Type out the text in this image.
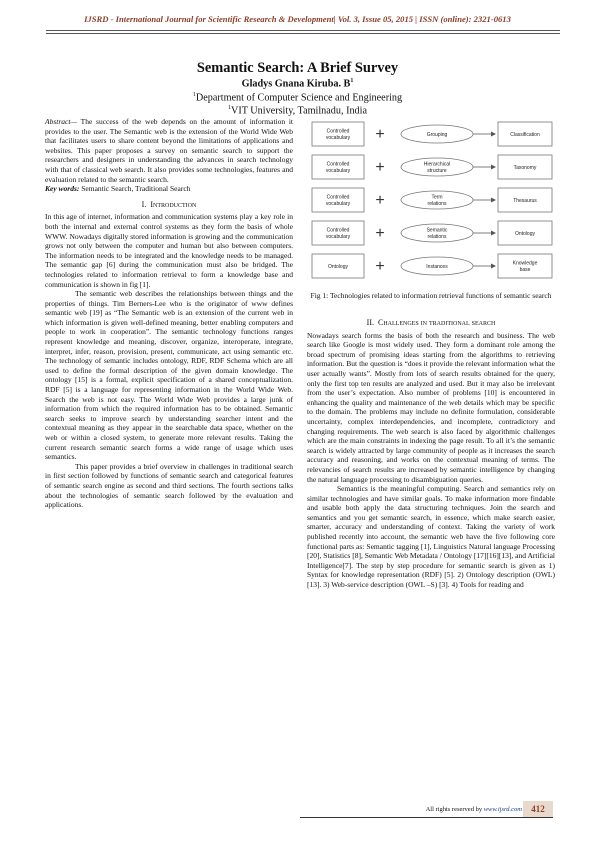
IJSRD - International Journal for Scientific Research & Development| Vol. 3, Issue 05, 2015 | ISSN (online): 2321-0613
Semantic Search: A Brief Survey
Gladys Gnana Kiruba. $B^1$
$^1$Department of Computer Science and Engineering
$^1$VIT University, Tamilnadu, India

Abstract— The success of the web depends on the amount of information it provides to the user. The Semantic web is the extension of the World Wide Web that facilitates users to share content beyond the limitations of applications and websites. This paper proposes a survey on semantic search to support the researchers and designers in understanding the advances in search technology with that of classical web search. It also provides some technologies, features and evaluation related to the semantic search.

Key words: Semantic Search, Traditional Search

I. Introduction

In this age of internet, information and communication systems play a key role in both the internal and external control systems as they form the basis of whole WWW. Nowadays digitally stored information is growing and the communication grows not only between the computer and human but also between computers. The information needs to be integrated and the knowledge needs to be managed. The semantic gap [6] during the communication must also be bridged. The technologies related to information retrieval to form a knowledge base and communication is shown in fig [1].

The semantic web describes the relationships between things and the properties of things. Tim Berners-Lee who is the originator of www defines semantic web [19] as “The Semantic web is an extension of the current web in which information is given well-defined meaning, better enabling computers and people to work in cooperation”. The semantic technology functions ranges represent knowledge and meaning, discover, organize, interoperate, integrate, interpret, infer, reason, provision, present, communicate, act using semantic etc. The technology of semantic includes ontology, RDF, RDF Schema which are all used to define the formal description of the given domain knowledge. The ontology [15] is a formal, explicit specification of a shared conceptualization. RDF [5] is a language for representing information in the World Wide Web. Search the web is not easy. The World Wide Web provides a large junk of information from which the required information has to be obtained. Semantic search seeks to improve search by understanding searcher intent and the contextual meaning as they appear in the searchable data space, whether on the web or within a closed system, to generate more relevant results. Taking the current research semantic search forms a wide range of usage which uses semantics.

This paper provides a brief overview in challenges in traditional search in first section followed by functions of semantic search and categorical features of semantic search engine as second and third sections. The fourth sections talks about the technologies of semantic search followed by the evaluation and applications.

Controlled vocabulary +	Grouping	Classification
Controlled vocabulary +	Hierarchical structure
Taxonomy
Controlled vocabulary +	Term relations
Thesaurus
Controlled vocabulary +	Semantic relations
Ontology
Ontology +	Instances
Knowledge base
Fig 1: Technologies related to information retrieval functions of semantic search

II. Challenges in traditional search

Nowadays search forms the basis of both the research and business. The web search like Google is most widely used. They form a dominant role among the broad spectrum of promising ideas starting from the algorithms to retrieving information. But the question is “does it provide the relevant information what the user actually wants”. Mostly from lots of search results obtained for the query, only the first top ten results are analyzed and used. But it may also be irrelevant from the user’s expectation. Also number of problems [10] is encountered in enhancing the quality and maintenance of the web details which may be specific to the domain. The problems may include no definite formulation, considerable uncertainty, complex interdependencies, and incomplete, contradictory and changing requirements. The web search is also faced by algorithmic challenges which are the main constraints in indexing the page result. To all it’s the semantic search is widely attracted by large community of people as it increases the search accuracy and reasoning, and works on the contextual meaning of terms. The relevancies of search results are increased by semantic intelligence by changing the natural language processing to disambiguation queries.

Semantics is the meaningful computing. Search and semantics rely on similar technologies and have similar goals. To make information more findable and usable both apply the data structuring techniques. Join the search and semantics and you get semantic search, in essence, which make search easier, smarter, accuracy and understanding of context. Taking the variety of work published recently into account, the semantic web have the five following core functional parts as: Semantic tagging [1], Linguistics Natural language Processing [20], Statistics [8], Semantic Web Metadata / Ontology [17][16][13], and Artificial Intelligence[7]. The step by step procedure for semantic search is given as 1) Syntax for knowledge representation (RDF) [5]. 2) Ontology description (OWL) [13]. 3) Web-service description (OWL –S) [3]. 4) Tools for reading and

All rights reserved by www.ijsrd.com	412
